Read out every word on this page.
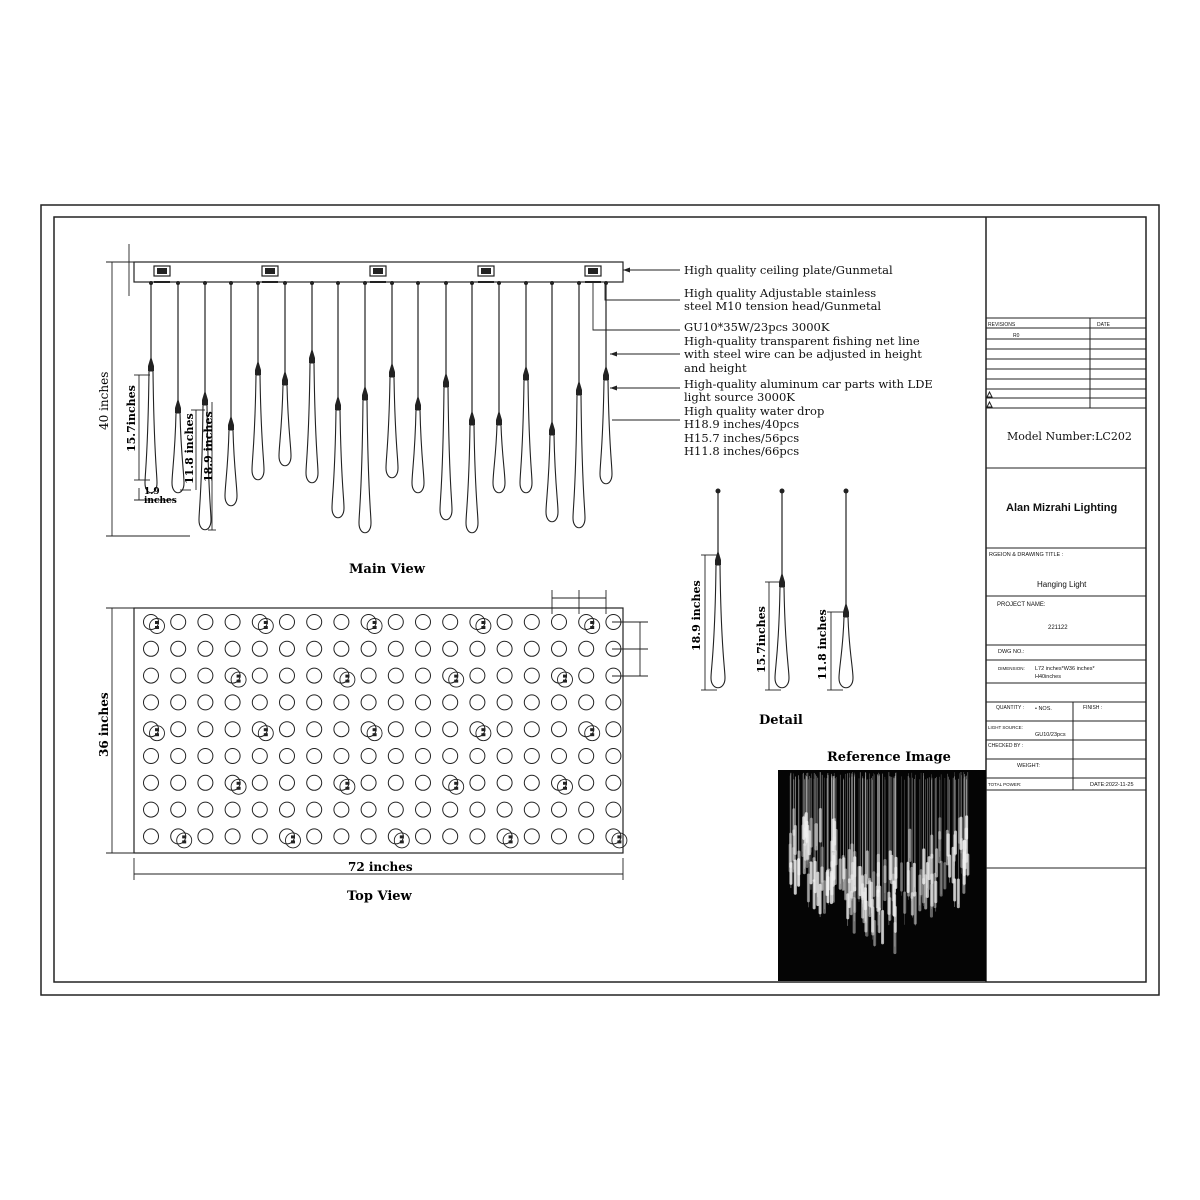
REVISIONS	DATE
R0
Model Number:LC202
Alan Mizrahi Lighting
RGEION & DRAWING TITLE :
Hanging Light
PROJECT NAME:
221122
DWG NO.:
DIMENSION: L72 inches*W36 inches*
H40inches
QUANTITY : • NOS.	FINISH :
LIGHT SOURCE:
GU10/23pcs
CHECKED BY :
WEIGHT:
TOTAL POWER:	DATE:2022-11-25
40 inches 15.7inches	11.8 inches 18.9 inches
1.9
inches
Main View
High quality ceiling plate/Gunmetal
High quality Adjustable stainless
steel M10 tension head/Gunmetal
GU10*35W/23pcs 3000K
High-quality transparent fishing net line
with steel wire can be adjusted in height
and height
High-quality aluminum car parts with LDE
light source 3000K
High quality water drop
H18.9 inches/40pcs
H15.7 inches/56pcs
H11.8 inches/66pcs
72 inches
36 inches
Top View
18.9 inches	15.7inches	11.8 inches
Detail
Reference Image
